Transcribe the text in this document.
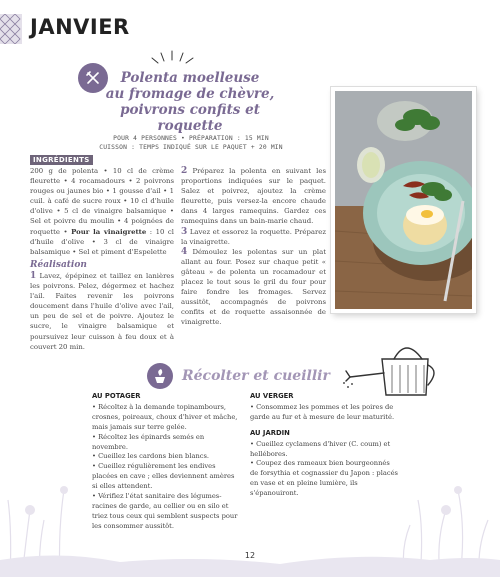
JANVIER
Polenta moelleuse
au fromage de chèvre,
poivrons confits et roquette
POUR 4 PERSONNES • PRÉPARATION : 15 MIN
CUISSON : TEMPS INDIQUÉ SUR LE PAQUET + 20 MIN
INGRÉDIENTS
200 g de polenta • 10 cl de crème fleurette • 4 rocamadours • 2 poivrons rouges ou jaunes bio • 1 gousse d'ail • 1 cuil. à café de sucre roux • 10 cl d'huile d'olive • 5 cl de vinaigre balsamique • Sel et poivre du moulin • 4 poignées de roquette • Pour la vinaigrette : 10 cl d'huile d'olive • 3 cl de vinaigre balsamique • Sel et piment d'Espelette
Réalisation
1 Lavez, épépinez et taillez en lanières les poivrons. Pelez, dégermez et hachez l'ail. Faites revenir les poivrons doucement dans l'huile d'olive avec l'ail, un peu de sel et de poivre. Ajoutez le sucre, le vinaigre balsamique et poursuivez leur cuisson à feu doux et à couvert 20 min.
2 Préparez la polenta en suivant les proportions indiquées sur le paquet. Salez et poivrez, ajoutez la crème fleurette, puis versez-la encore chaude dans 4 larges ramequins. Gardez ces ramequins dans un bain-marie chaud.
3 Lavez et essorez la roquette. Préparez la vinaigrette.
4 Démoulez les polentas sur un plat allant au four. Posez sur chaque petit « gâteau » de polenta un rocamadour et placez le tout sous le gril du four pour faire fondre les fromages. Servez aussitôt, accompagnés de poivrons confits et de roquette assaisonnée de vinaigrette.
Récolter et cueillir
AU POTAGER
• Récoltez à la demande topinambours, crosnes, poireaux, choux d'hiver et mâche, mais jamais sur terre gelée.
• Récoltez les épinards semés en novembre.
• Cueillez les cardons bien blancs.
• Cueillez régulièrement les endives placées en cave ; elles deviennent amères si elles attendent.
• Vérifiez l'état sanitaire des légumes-racines de garde, au cellier ou en silo et triez tous ceux qui semblent suspects pour les consommer aussitôt.
AU VERGER
• Consommez les pommes et les poires de garde au fur et à mesure de leur maturité.
AU JARDIN
• Cueillez cyclamens d'hiver (C. coum) et hellébores.
• Coupez des rameaux bien bourgeonnés de forsythia et cognassier du Japon : placés en vase et en pleine lumière, ils s'épanouiront.
12
